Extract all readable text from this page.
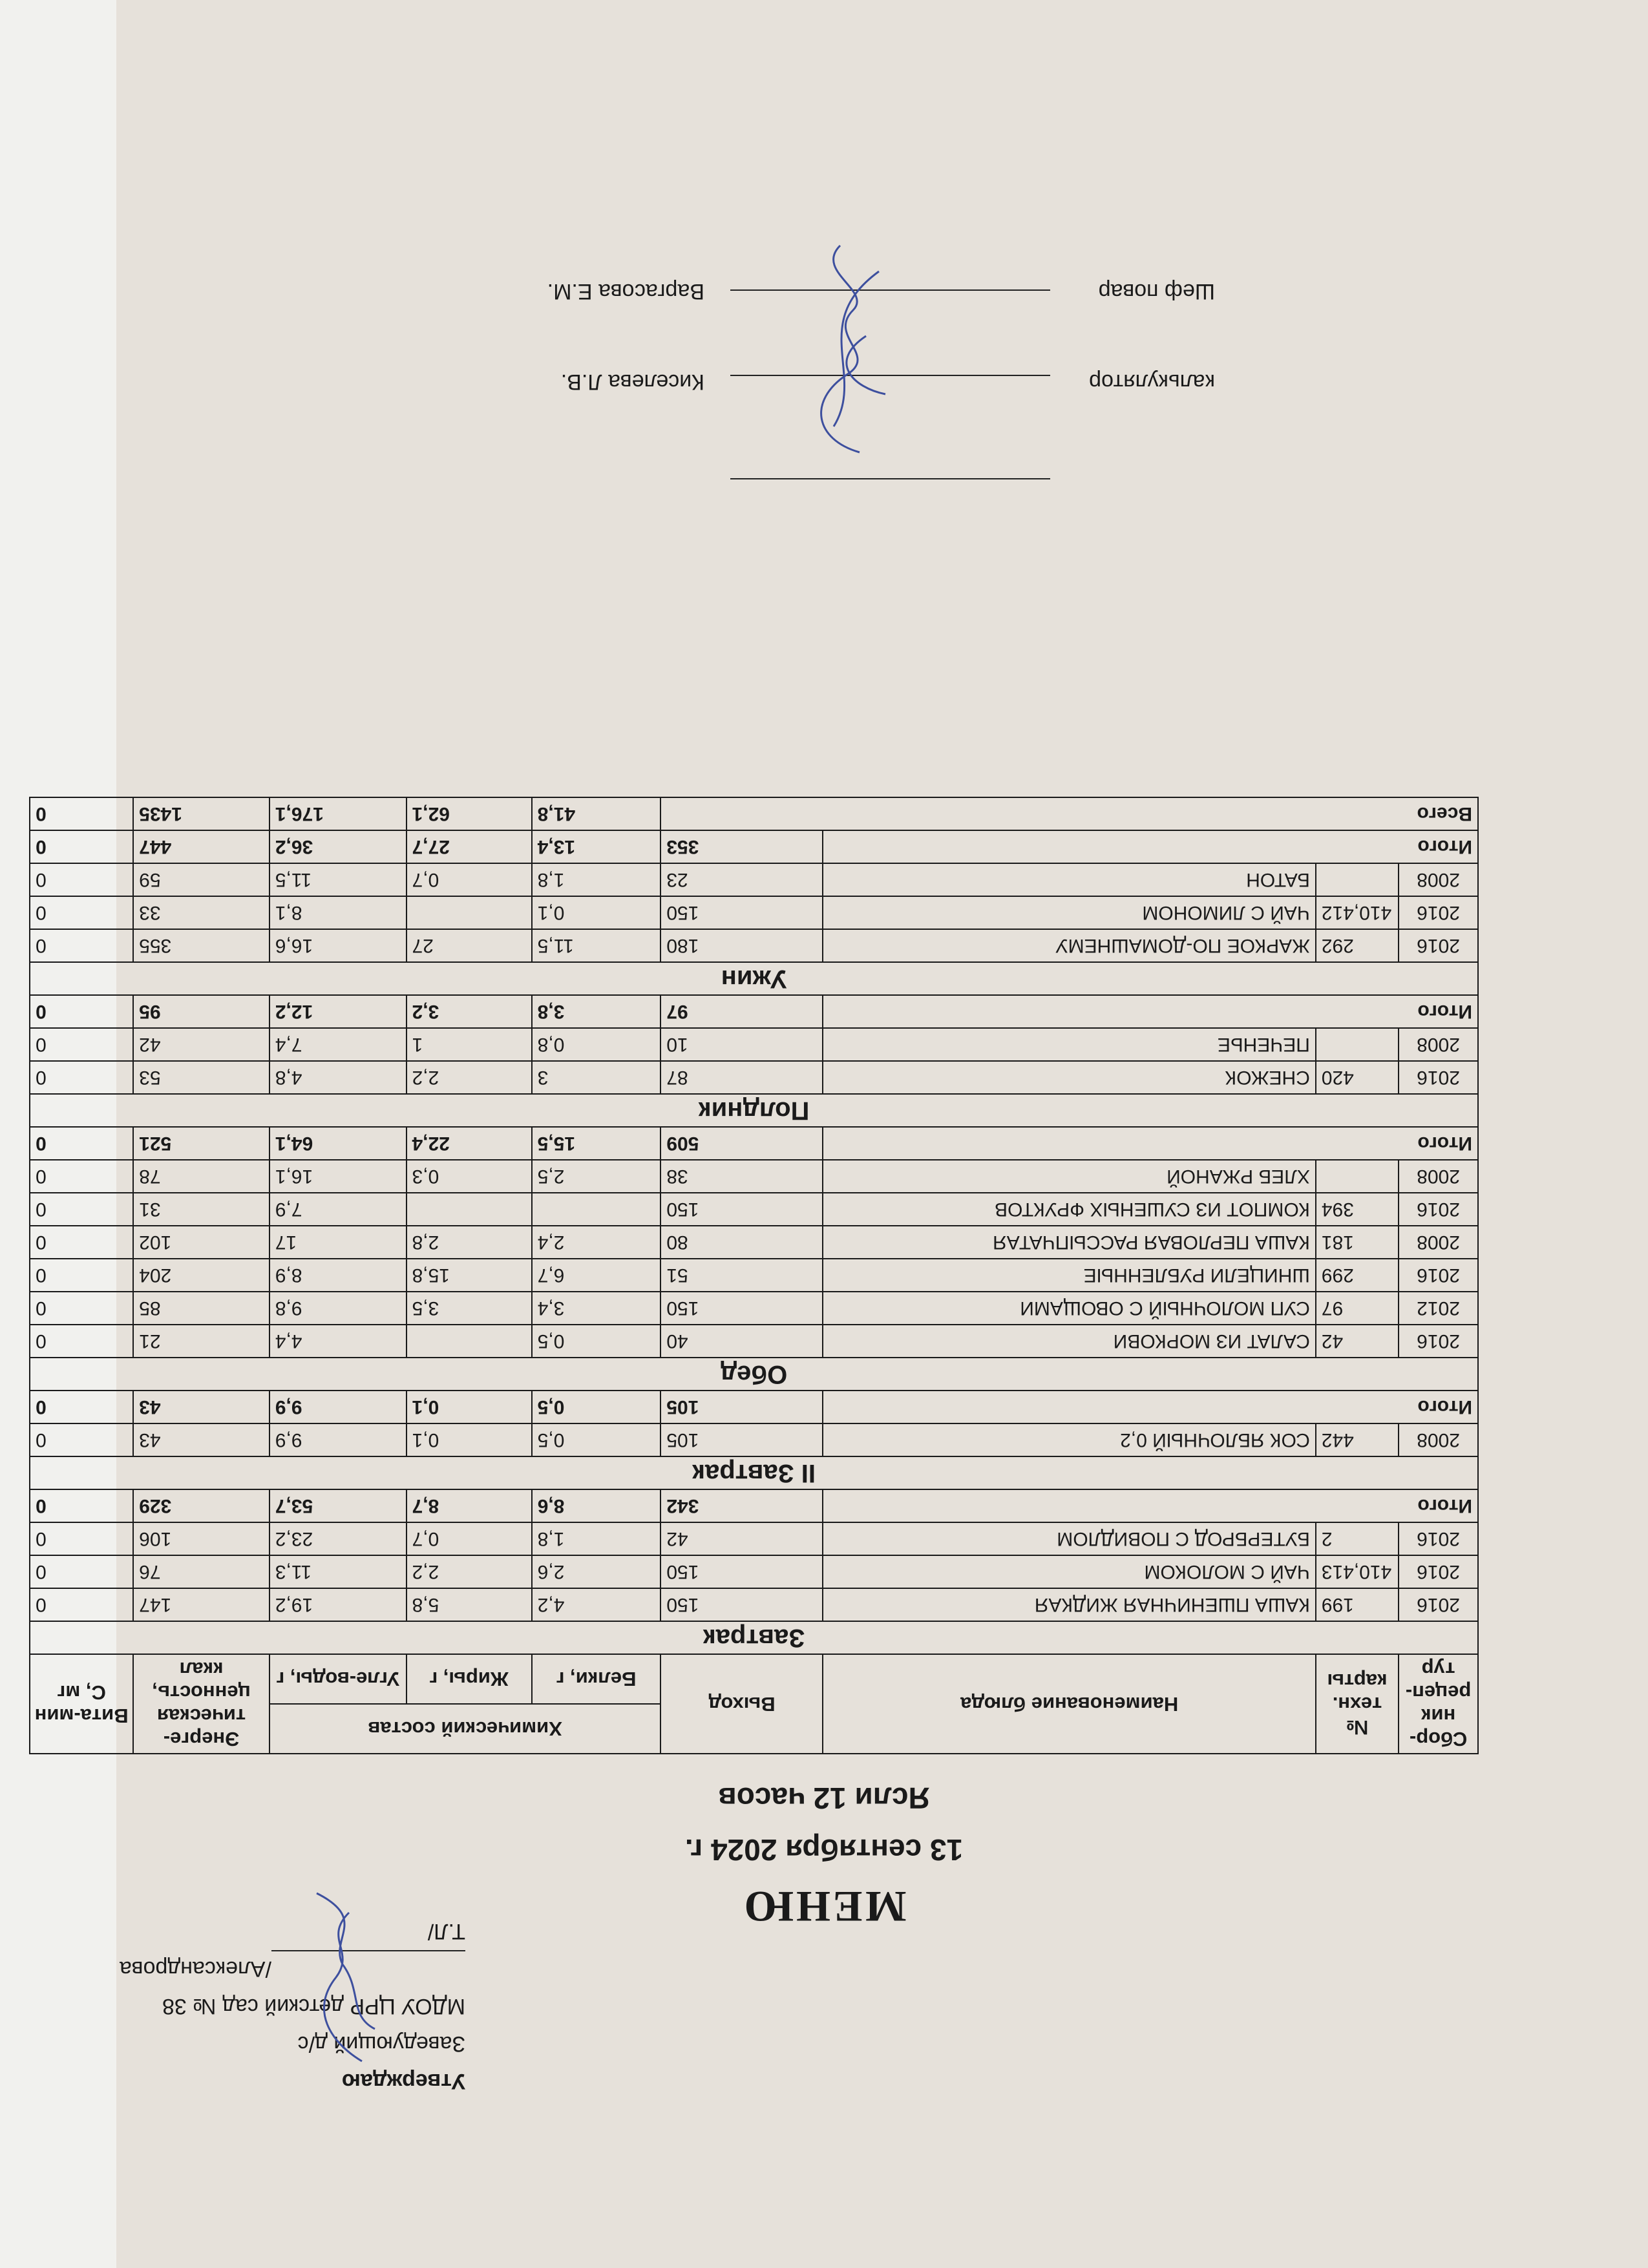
Утверждаю
Заведующий д/с
МДОУ ЦРР детский сад № 38
/Александрова Т.Л/	МЕНЮ
13 сентября 2024 г.
Ясли 12 часов
Сбор-ник рецеп-тур	№ техн. карты	Наименование блюда	Выход	Химический состав			Энерге-тическая ценность, ккал	Вита-мин С, мг
				Белки, г	Жиры, г	Угле-воды, г		
Завтрак								
2016	199	КАША ПШЕНИЧНАЯ ЖИДКАЯ	150	4,2	5,8	19,2	147	0
2016	410,413	ЧАЙ С МОЛОКОМ	150	2,6	2,2	11,3	76	0
2016	2	БУТЕРБРОД С ПОВИДЛОМ	42	1,8	0,7	23,2	106	0
Итого			342	8,6	8,7	53,7	329	0
II Завтрак								
2008	442	СОК ЯБЛОЧНЫЙ 0,2	105	0,5	0,1	9,9	43	0
Итого			105	0,5	0,1	9,9	43	0
Обед								
2016	42	САЛАТ ИЗ МОРКОВИ	40	0,5		4,4	21	0
2012	97	СУП МОЛОЧНЫЙ С ОВОЩАМИ	150	3,4	3,5	9,8	85	0
2016	299	ШНИЦЕЛИ РУБЛЕННЫЕ	51	6,7	15,8	8,9	204	0
2008	181	КАША ПЕРЛОВАЯ РАССЫПЧАТАЯ	80	2,4	2,8	17	102	0
2016	394	КОМПОТ ИЗ СУШЕНЫХ ФРУКТОВ	150			7,9	31	0
2008		ХЛЕБ РЖАНОЙ	38	2,5	0,3	16,1	78	0
Итого			509	15,5	22,4	64,1	521	0
Полдник								
2016	420	СНЕЖОК	87	3	2,2	4,8	53	0
2008		ПЕЧЕНЬЕ	10	0,8	1	7,4	42	0
Итого			97	3,8	3,2	12,2	95	0
Ужин								
2016	292	ЖАРКОЕ ПО-ДОМАШНЕМУ	180	11,5	27	16,6	355	0
2016	410,412	ЧАЙ С ЛИМОНОМ	150	0,1		8,1	33	0
2008		БАТОН	23	1,8	0,7	11,5	59	0
Итого			353	13,4	27,7	36,2	447	0
Всего				41,8	62,1	176,1	1435	0
калькулятор
Киселева Л.В.
Шеф повар
Варгасова Е.М.
